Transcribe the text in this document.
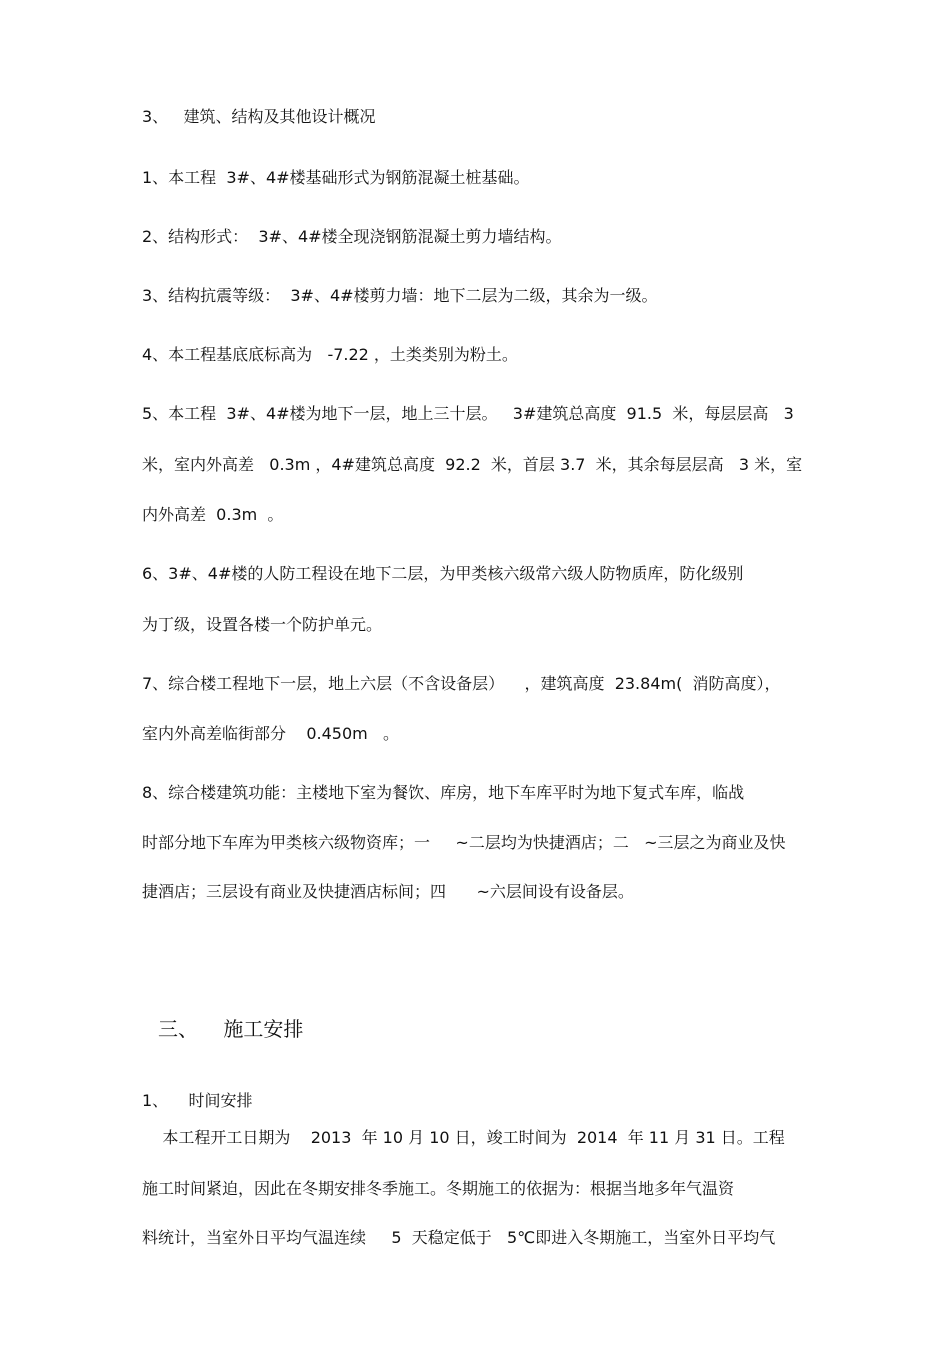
3、   建筑、结构及其他设计概况

1、本工程  3#、4#楼基础形式为钢筋混凝土桩基础。

2、结构形式：  3#、4#楼全现浇钢筋混凝土剪力墙结构。

3、结构抗震等级：  3#、4#楼剪力墙：地下二层为二级，其余为一级。

4、本工程基底底标高为   -7.22 ，土类类别为粉土。

5、本工程  3#、4#楼为地下一层，地上三十层。   3#建筑总高度  91.5  米，每层层高   3

米，室内外高差   0.3m ，4#建筑总高度  92.2  米，首层 3.7  米，其余每层层高   3 米，室

内外高差  0.3m  。

6、3#、4#楼的人防工程设在地下二层，为甲类核六级常六级人防物质库，防化级别

为丁级，设置各楼一个防护单元。

7、综合楼工程地下一层，地上六层（不含设备层）    ，建筑高度  23.84m(  消防高度），

室内外高差临街部分    0.450m   。

8、综合楼建筑功能：主楼地下室为餐饮、库房，地下车库平时为地下复式车库，临战

时部分地下车库为甲类核六级物资库；一     ~二层均为快捷酒店；二   ~三层之为商业及快

捷酒店；三层设有商业及快捷酒店标间；四      ~六层间设有设备层。

三、    施工安排

1、    时间安排

本工程开工日期为    2013  年 10 月 10 日，竣工时间为  2014  年 11 月 31 日。工程

施工时间紧迫，因此在冬期安排冬季施工。冬期施工的依据为：根据当地多年气温资

料统计，当室外日平均气温连续     5  天稳定低于   5℃即进入冬期施工，当室外日平均气
